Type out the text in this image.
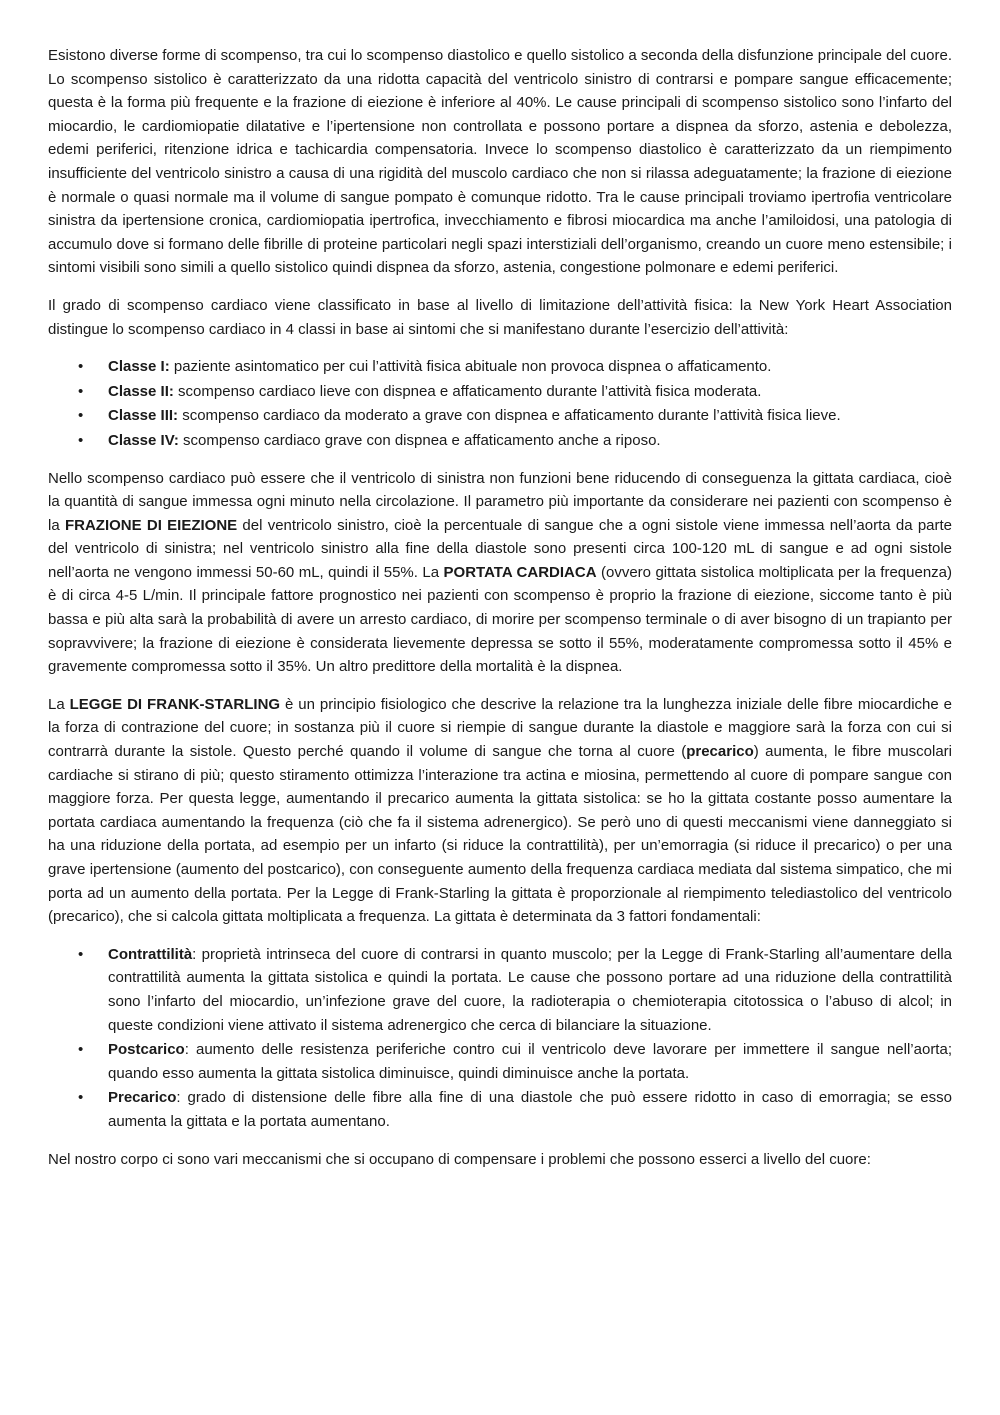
Esistono diverse forme di scompenso, tra cui lo scompenso diastolico e quello sistolico a seconda della disfunzione principale del cuore. Lo scompenso sistolico è caratterizzato da una ridotta capacità del ventricolo sinistro di contrarsi e pompare sangue efficacemente; questa è la forma più frequente e la frazione di eiezione è inferiore al 40%. Le cause principali di scompenso sistolico sono l’infarto del miocardio, le cardiomiopatie dilatative e l’ipertensione non controllata e possono portare a dispnea da sforzo, astenia e debolezza, edemi periferici, ritenzione idrica e tachicardia compensatoria. Invece lo scompenso diastolico è caratterizzato da un riempimento insufficiente del ventricolo sinistro a causa di una rigidità del muscolo cardiaco che non si rilassa adeguatamente; la frazione di eiezione è normale o quasi normale ma il volume di sangue pompato è comunque ridotto. Tra le cause principali troviamo ipertrofia ventricolare sinistra da ipertensione cronica, cardiomiopatia ipertrofica, invecchiamento e fibrosi miocardica ma anche l’amiloidosi, una patologia di accumulo dove si formano delle fibrille di proteine particolari negli spazi interstiziali dell’organismo, creando un cuore meno estensibile; i sintomi visibili sono simili a quello sistolico quindi dispnea da sforzo, astenia, congestione polmonare e edemi periferici.

Il grado di scompenso cardiaco viene classificato in base al livello di limitazione dell’attività fisica: la New York Heart Association distingue lo scompenso cardiaco in 4 classi in base ai sintomi che si manifestano durante l’esercizio dell’attività:

• Classe I: paziente asintomatico per cui l’attività fisica abituale non provoca dispnea o affaticamento.
• Classe II: scompenso cardiaco lieve con dispnea e affaticamento durante l’attività fisica moderata.
• Classe III: scompenso cardiaco da moderato a grave con dispnea e affaticamento durante l’attività fisica lieve.
• Classe IV: scompenso cardiaco grave con dispnea e affaticamento anche a riposo.

Nello scompenso cardiaco può essere che il ventricolo di sinistra non funzioni bene riducendo di conseguenza la gittata cardiaca, cioè la quantità di sangue immessa ogni minuto nella circolazione. Il parametro più importante da considerare nei pazienti con scompenso è la FRAZIONE DI EIEZIONE del ventricolo sinistro, cioè la percentuale di sangue che a ogni sistole viene immessa nell’aorta da parte del ventricolo di sinistra; nel ventricolo sinistro alla fine della diastole sono presenti circa 100-120 mL di sangue e ad ogni sistole nell’aorta ne vengono immessi 50-60 mL, quindi il 55%. La PORTATA CARDIACA (ovvero gittata sistolica moltiplicata per la frequenza) è di circa 4-5 L/min. Il principale fattore prognostico nei pazienti con scompenso è proprio la frazione di eiezione, siccome tanto è più bassa e più alta sarà la probabilità di avere un arresto cardiaco, di morire per scompenso terminale o di aver bisogno di un trapianto per sopravvivere; la frazione di eiezione è considerata lievemente depressa se sotto il 55%, moderatamente compromessa sotto il 45% e gravemente compromessa sotto il 35%. Un altro predittore della mortalità è la dispnea.

La LEGGE DI FRANK-STARLING è un principio fisiologico che descrive la relazione tra la lunghezza iniziale delle fibre miocardiche e la forza di contrazione del cuore; in sostanza più il cuore si riempie di sangue durante la diastole e maggiore sarà la forza con cui si contrarrà durante la sistole. Questo perché quando il volume di sangue che torna al cuore (precarico) aumenta, le fibre muscolari cardiache si stirano di più; questo stiramento ottimizza l’interazione tra actina e miosina, permettendo al cuore di pompare sangue con maggiore forza. Per questa legge, aumentando il precarico aumenta la gittata sistolica: se ho la gittata costante posso aumentare la portata cardiaca aumentando la frequenza (ciò che fa il sistema adrenergico). Se però uno di questi meccanismi viene danneggiato si ha una riduzione della portata, ad esempio per un infarto (si riduce la contrattilità), per un’emorragia (si riduce il precarico) o per una grave ipertensione (aumento del postcarico), con conseguente aumento della frequenza cardiaca mediata dal sistema simpatico, che mi porta ad un aumento della portata. Per la Legge di Frank-Starling la gittata è proporzionale al riempimento telediastolico del ventricolo (precarico), che si calcola gittata moltiplicata a frequenza. La gittata è determinata da 3 fattori fondamentali:

• Contrattilità: proprietà intrinseca del cuore di contrarsi in quanto muscolo; per la Legge di Frank-Starling all’aumentare della contrattilità aumenta la gittata sistolica e quindi la portata. Le cause che possono portare ad una riduzione della contrattilità sono l’infarto del miocardio, un’infezione grave del cuore, la radioterapia o chemioterapia citotossica o l’abuso di alcol; in queste condizioni viene attivato il sistema adrenergico che cerca di bilanciare la situazione.
• Postcarico: aumento delle resistenza periferiche contro cui il ventricolo deve lavorare per immettere il sangue nell’aorta; quando esso aumenta la gittata sistolica diminuisce, quindi diminuisce anche la portata.
• Precarico: grado di distensione delle fibre alla fine di una diastole che può essere ridotto in caso di emorragia; se esso aumenta la gittata e la portata aumentano.

Nel nostro corpo ci sono vari meccanismi che si occupano di compensare i problemi che possono esserci a livello del cuore:
